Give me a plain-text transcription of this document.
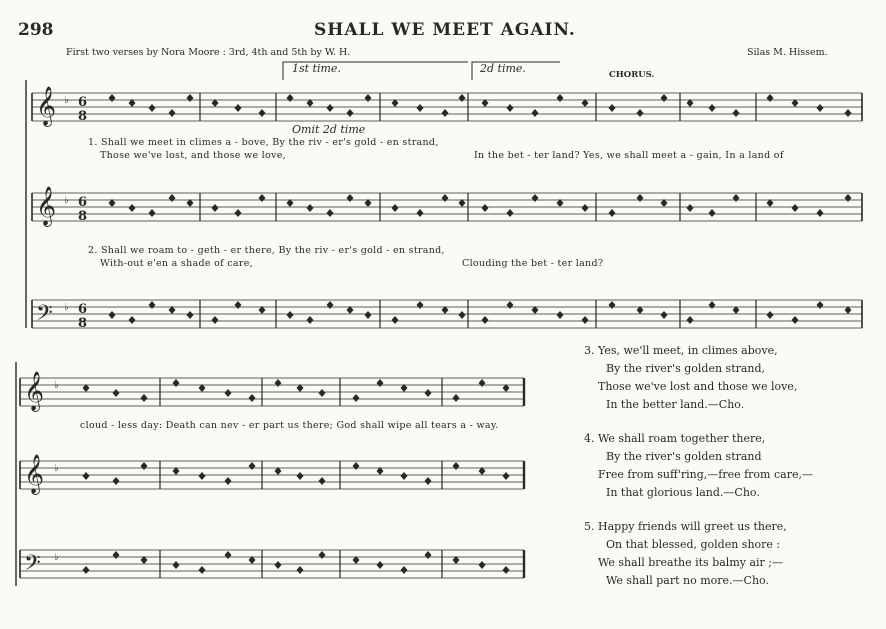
298	SHALL WE MEET AGAIN.
First two verses by Nora Moore : 3rd, 4th and 5th by W. H.	Silas M. Hissem.
𝄞 ♭ 6
8
𝄞 ♭ 6
8
𝄢 ♭ 6
8
𝄞 ♭
𝄞 ♭
𝄢 ♭
1st time.	2d time.
Omit 2d time
CHORUS.
1. Shall we meet in climes a - bove, By the riv - er's gold - en strand,
Those we've lost, and those we love,	In the bet - ter land? Yes, we shall meet a - gain, In a land of
2. Shall we roam to - geth - er there, By the riv - er's gold - en strand,
With-out e'en a shade of care,	Clouding the bet - ter land?
cloud - less day: Death can nev - er part us there; God shall wipe all tears a - way.
3. Yes, we'll meet, in climes above,
By the river's golden strand,
Those we've lost and those we love,
In the better land.—Cho.
4. We shall roam together there,
By the river's golden strand
Free from suff'ring,—free from care,—
In that glorious land.—Cho.
5. Happy friends will greet us there,
On that blessed, golden shore :
We shall breathe its balmy air ;—
We shall part no more.—Cho.
